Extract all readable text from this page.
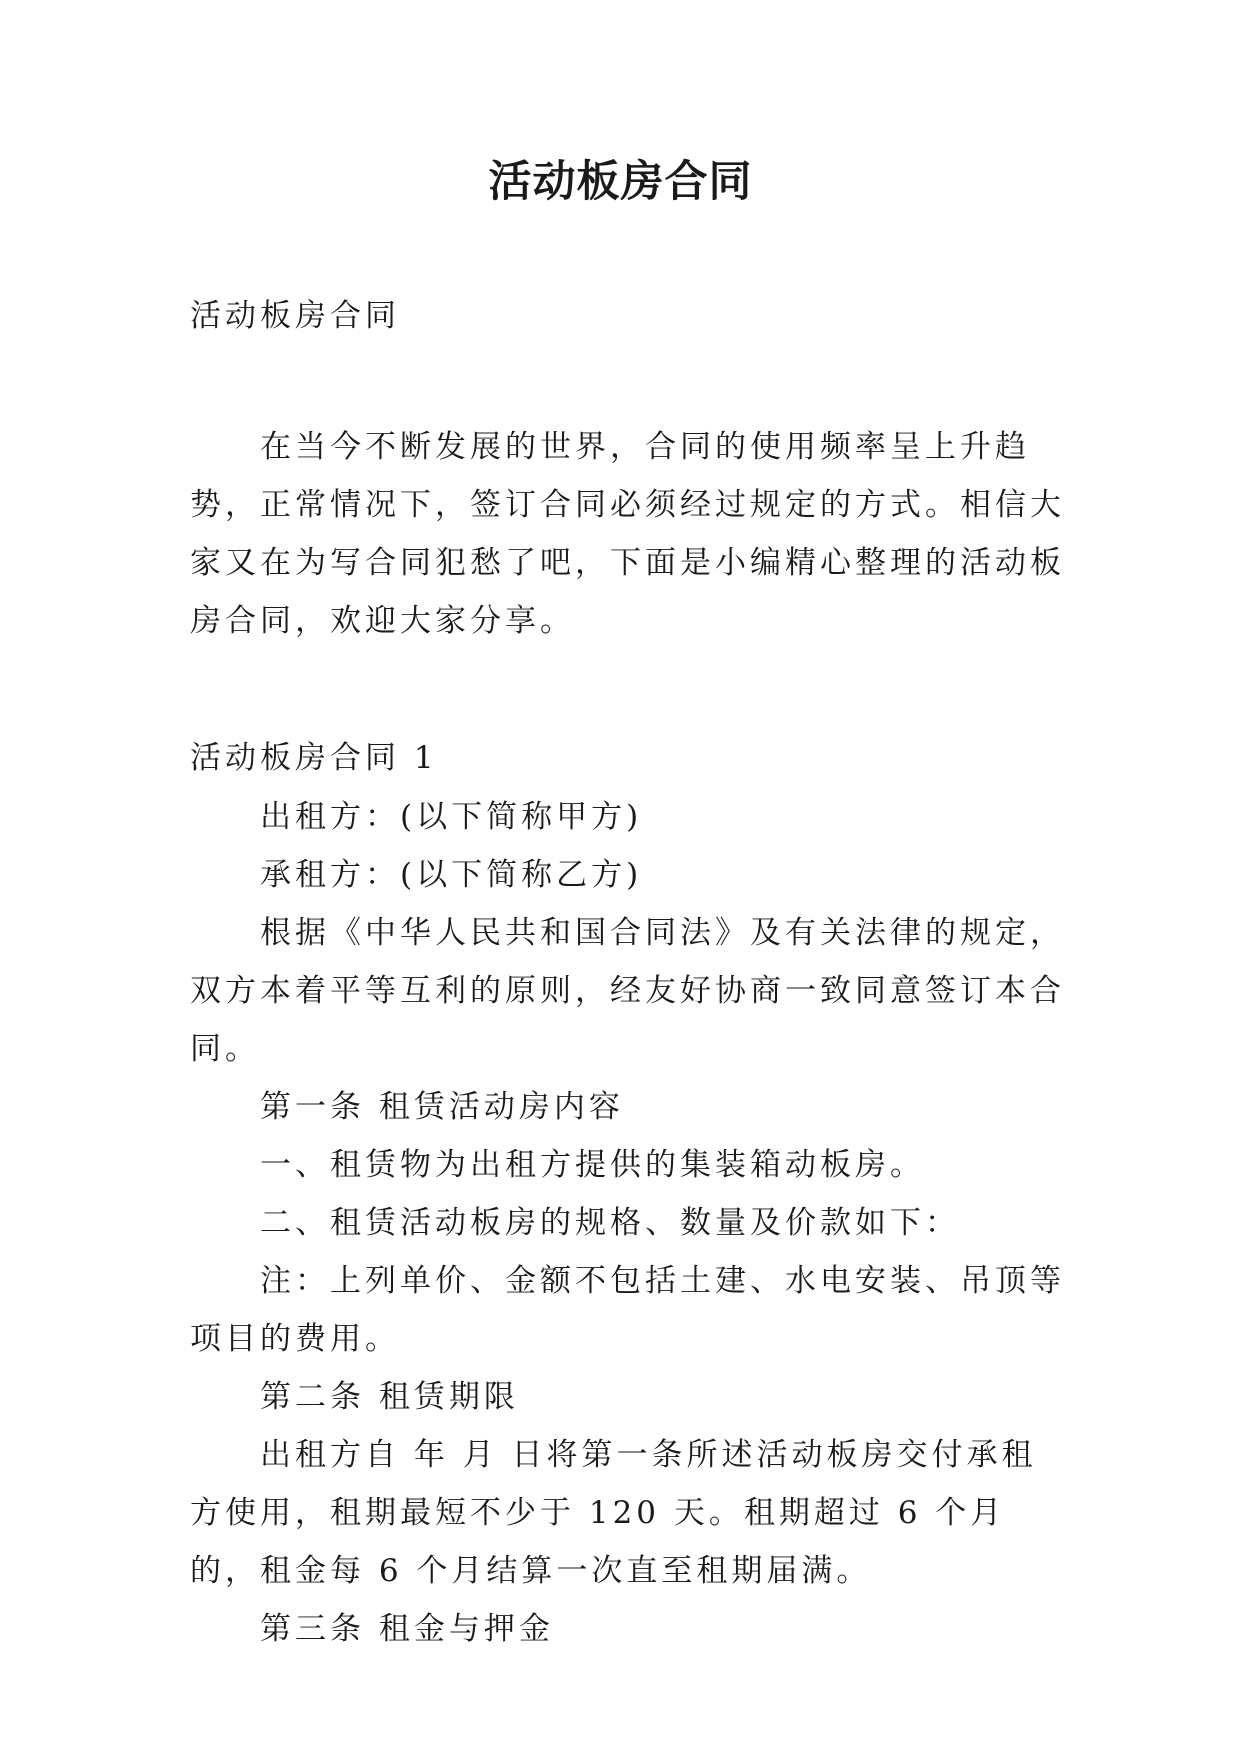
活动板房合同

活动板房合同

在当今不断发展的世界，合同的使用频率呈上升趋势，正常情况下，签订合同必须经过规定的方式。相信大家又在为写合同犯愁了吧，下面是小编精心整理的活动板房合同，欢迎大家分享。

活动板房合同 1

出租方：(以下简称甲方)

承租方：(以下简称乙方)

根据《中华人民共和国合同法》及有关法律的规定，双方本着平等互利的原则，经友好协商一致同意签订本合同。

第一条 租赁活动房内容

一、租赁物为出租方提供的集装箱动板房。

二、租赁活动板房的规格、数量及价款如下：

注：上列单价、金额不包括土建、水电安装、吊顶等项目的费用。

第二条 租赁期限

出租方自 年 月 日将第一条所述活动板房交付承租方使用，租期最短不少于 120 天。租期超过 6 个月的，租金每 6 个月结算一次直至租期届满。

第三条 租金与押金
